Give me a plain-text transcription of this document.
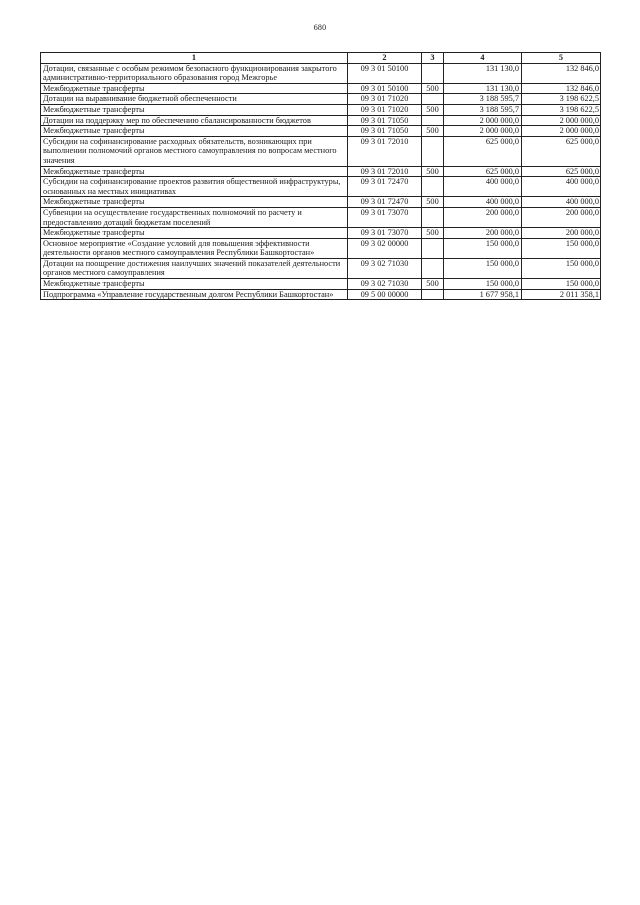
680
1	2	3	4	5
Дотации, связанные с особым режимом безопасного функционирования закрытого административно-территориального образования город Межгорье	09 3 01 50100		131 130,0	132 846,0
Межбюджетные трансферты	09 3 01 50100	500	131 130,0	132 846,0
Дотации на выравнивание бюджетной обеспеченности	09 3 01 71020		3 188 595,7	3 198 622,5
Межбюджетные трансферты	09 3 01 71020	500	3 188 595,7	3 198 622,5
Дотации на поддержку мер по обеспечению сбалансированности бюджетов	09 3 01 71050		2 000 000,0	2 000 000,0
Межбюджетные трансферты	09 3 01 71050	500	2 000 000,0	2 000 000,0
Субсидии на софинансирование расходных обязательств, возникающих при выполнении полномочий органов местного самоуправления по вопросам местного значения	09 3 01 72010		625 000,0	625 000,0
Межбюджетные трансферты	09 3 01 72010	500	625 000,0	625 000,0
Субсидии на софинансирование проектов развития общественной инфраструктуры, основанных на местных инициативах	09 3 01 72470		400 000,0	400 000,0
Межбюджетные трансферты	09 3 01 72470	500	400 000,0	400 000,0
Субвенции на осуществление государственных полномочий по расчету и предоставлению дотаций бюджетам поселений	09 3 01 73070		200 000,0	200 000,0
Межбюджетные трансферты	09 3 01 73070	500	200 000,0	200 000,0
Основное мероприятие «Создание условий для повышения эффективности деятельности органов местного самоуправления Республики Башкортостан»	09 3 02 00000		150 000,0	150 000,0
Дотации на поощрение достижения наилучших значений показателей деятельности органов местного самоуправления	09 3 02 71030		150 000,0	150 000,0
Межбюджетные трансферты	09 3 02 71030	500	150 000,0	150 000,0
Подпрограмма «Управление государственным долгом Республики Башкортостан»	09 5 00 00000		1 677 958,1	2 011 358,1
